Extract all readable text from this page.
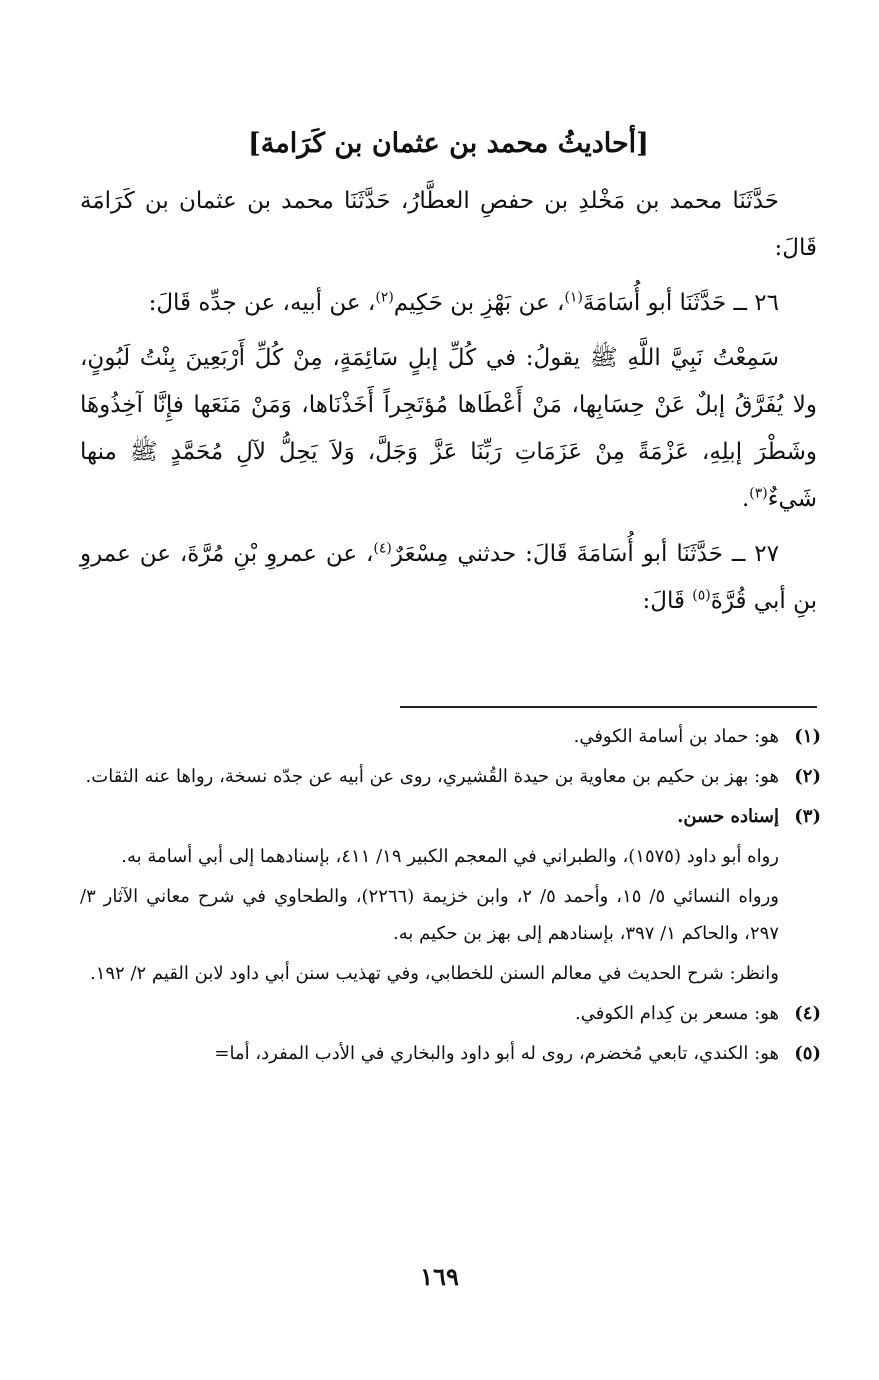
[أحاديثُ محمد بن عثمان بن كَرَامة]

حَدَّثَنَا محمد بن مَخْلدِ بن حفصِ العطَّارُ، حَدَّثَنَا محمد بن عثمان بن كَرَامَة قَالَ:

٢٦ ــ حَدَّثَنَا أبو أُسَامَةَ$^{(١)}$، عن بَهْزِ بن حَكِيم$^{(٢)}$، عن أبيه، عن جدِّه قَالَ:

سَمِعْتُ نَبِيَّ اللَّهِ ﷺ يقولُ: في كُلِّ إبلٍ سَائِمَةٍ، مِنْ كُلِّ أَرْبَعِينَ بِنْتُ لَبُونٍ، ولا يُفَرَّقُ إبلٌ عَنْ حِسَابِها، مَنْ أَعْطَاها مُؤتَجِراً أَخَذْنَاها، وَمَنْ مَنَعَها فإِنَّا آخِذُوهَا وشَطْرَ إبلِهِ، عَزْمَةً مِنْ عَزَمَاتِ رَبِّنَا عَزَّ وَجَلَّ، وَلاَ يَحِلُّ لآلِ مُحَمَّدٍ ﷺ منها شَيءٌ$^{(٣)}$.

٢٧ ــ حَدَّثَنَا أبو أُسَامَةَ قَالَ: حدثني مِسْعَرٌ$^{(٤)}$، عن عمروِ بْنِ مُرَّةَ، عن عمروِ بنِ أبي قُرَّةَ$^{(٥)}$ قَالَ:

(١)
هو: حماد بن أسامة الكوفي.
(٢)
هو: بهز بن حكيم بن معاوية بن حيدة القُشيري، روى عن أبيه عن جدّه نسخة، رواها عنه الثقات.
(٣)
إسناده حسن.
رواه أبو داود (١٥٧٥)، والطبراني في المعجم الكبير ١٩/ ٤١١، بإسنادهما إلى أبي أسامة به.
ورواه النسائي ٥/ ١٥، وأحمد ٥/ ٢، وابن خزيمة (٢٢٦٦)، والطحاوي في شرح معاني الآثار ٣/ ٢٩٧، والحاكم ١/ ٣٩٧، بإسنادهم إلى بهز بن حكيم به.
وانظر: شرح الحديث في معالم السنن للخطابي، وفي تهذيب سنن أبي داود لابن القيم ٢/ ١٩٢.
(٤)
هو: مسعر بن كِدام الكوفي.
(٥)
هو: الكندي، تابعي مُخضرم، روى له أبو داود والبخاري في الأدب المفرد، أما=
١٦٩
